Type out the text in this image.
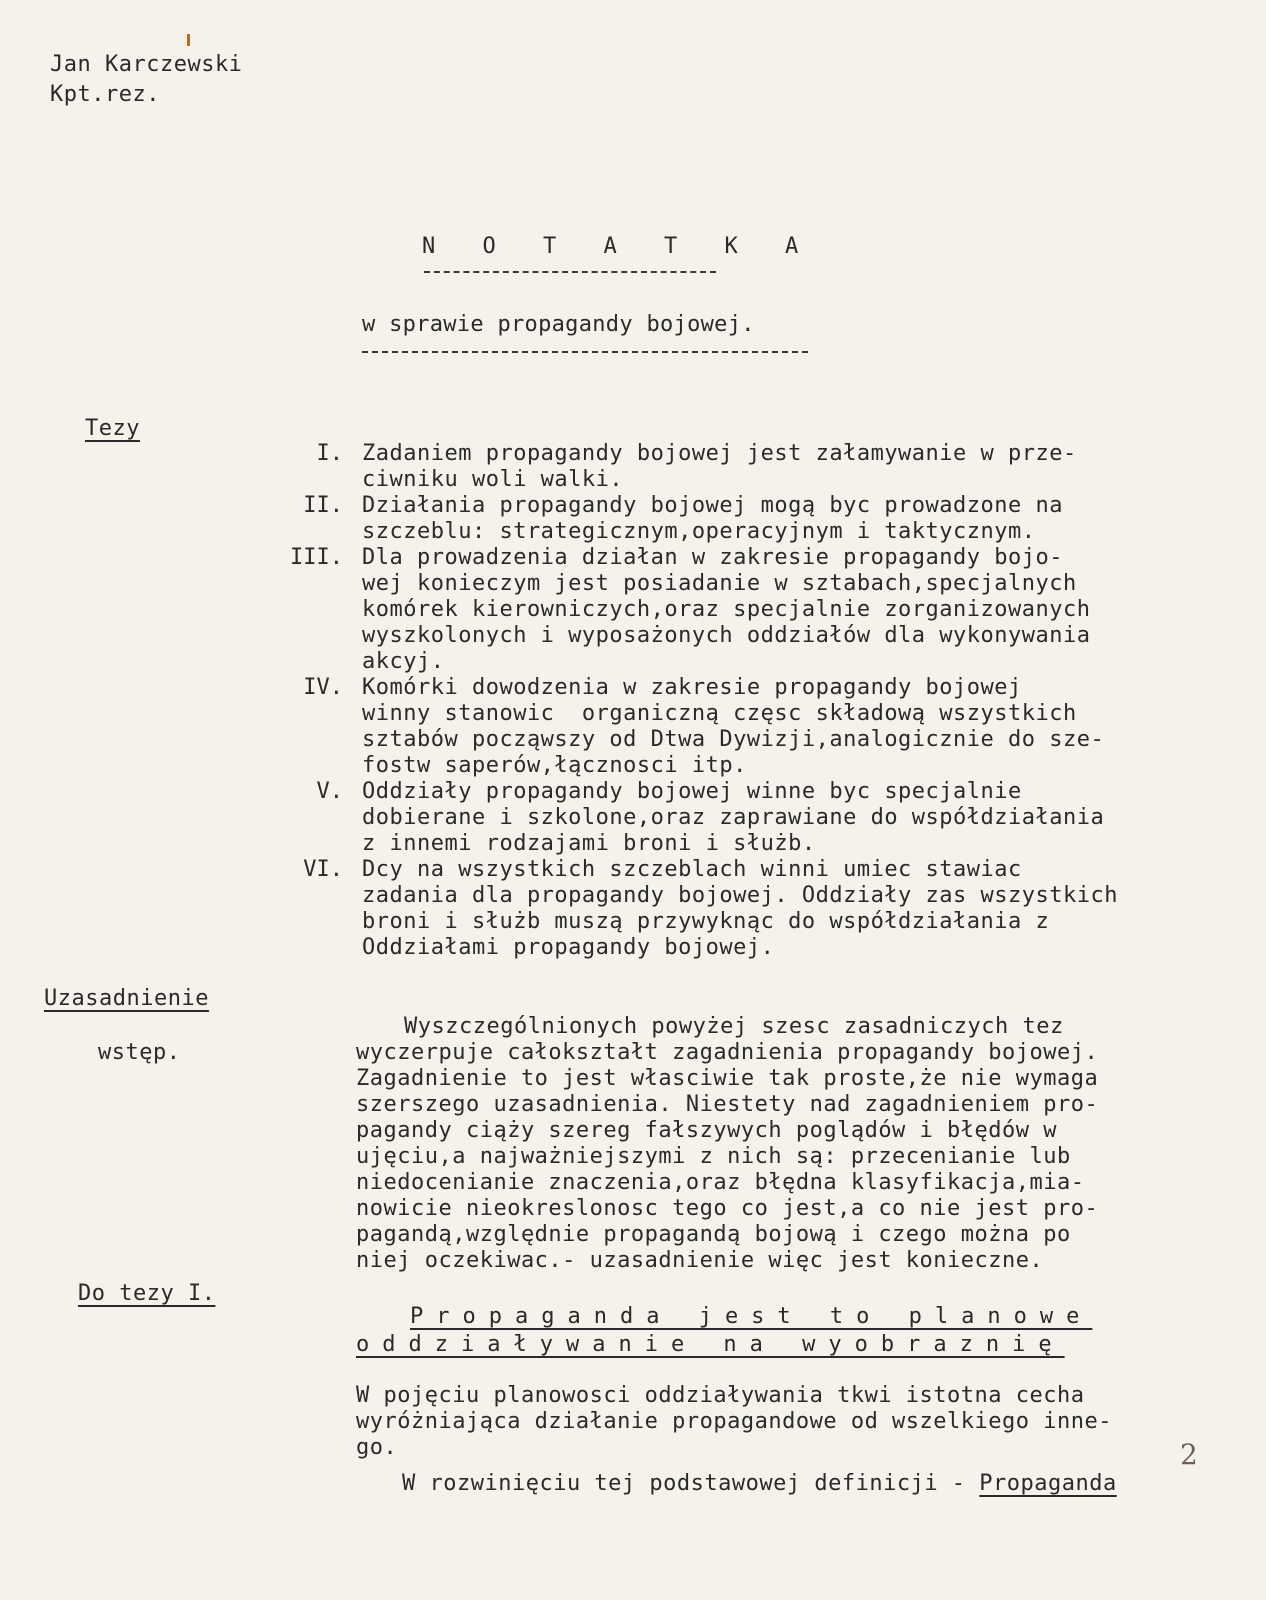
Jan Karczewski
Kpt.rez.
N O T A T K A
w sprawie propagandy bojowej.
Tezy
I. Zadaniem propagandy bojowej jest załamywanie w prze-
ciwniku woli walki.
II. Działania propagandy bojowej mogą byc prowadzone na
szczeblu: strategicznym,operacyjnym i taktycznym.
III. Dla prowadzenia działan w zakresie propagandy bojo-
wej konieczym jest posiadanie w sztabach,specjalnych
komórek kierowniczych,oraz specjalnie zorganizowanych
wyszkolonych i wyposażonych oddziałów dla wykonywania
akcyj.
IV. Komórki dowodzenia w zakresie propagandy bojowej
winny stanowic  organiczną częsc składową wszystkich
sztabów począwszy od Dtwa Dywizji,analogicznie do sze-
fostw saperów,łącznosci itp.
V. Oddziały propagandy bojowej winne byc specjalnie
dobierane i szkolone,oraz zaprawiane do współdziałania
z innemi rodzajami broni i służb.
VI. Dcy na wszystkich szczeblach winni umiec stawiac
zadania dla propagandy bojowej. Oddziały zas wszystkich
broni i służb muszą przywyknąc do współdziałania z
Oddziałami propagandy bojowej.
Uzasadnienie
wstęp.
Wyszczególnionych powyżej szesc zasadniczych tez
wyczerpuje całokształt zagadnienia propagandy bojowej.
Zagadnienie to jest własciwie tak proste,że nie wymaga
szerszego uzasadnienia. Niestety nad zagadnieniem pro-
pagandy ciąży szereg fałszywych poglądów i błędów w
ujęciu,a najważniejszymi z nich są: przecenianie lub
niedocenianie znaczenia,oraz błędna klasyfikacja,mia-
nowicie nieokreslonosc tego co jest,a co nie jest pro-
pagandą,względnie propagandą bojową i czego można po
niej oczekiwac.- uzasadnienie więc jest konieczne.
Do tezy I.
Propaganda jest to planowe
oddziaływanie na wyobraznię
W pojęciu planowosci oddziaływania tkwi istotna cecha
wyróżniająca działanie propagandowe od wszelkiego inne-
go.
W rozwinięciu tej podstawowej definicji - Propaganda
2
